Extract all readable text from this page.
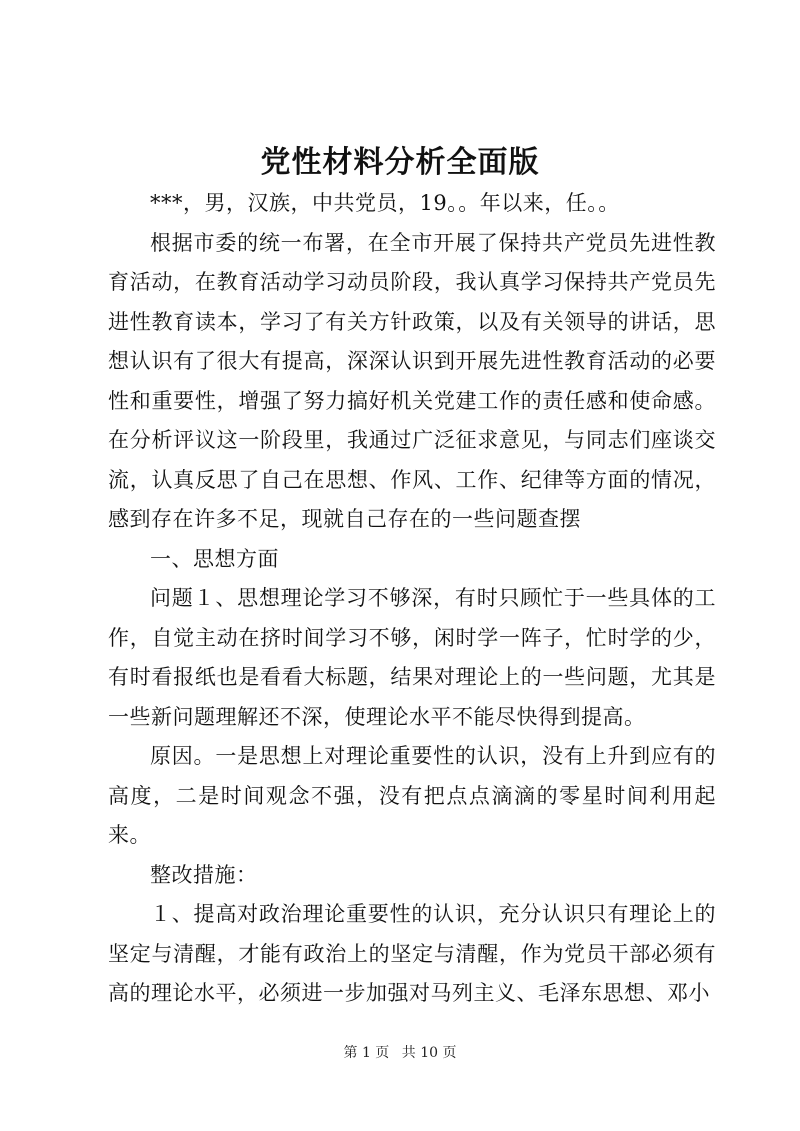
党性材料分析全面版

***，男，汉族，中共党员，19。。年以来，任。。

根据市委的统一布署，在全市开展了保持共产党员先进性教育活动，在教育活动学习动员阶段，我认真学习保持共产党员先进性教育读本，学习了有关方针政策，以及有关领导的讲话，思想认识有了很大有提高，深深认识到开展先进性教育活动的必要性和重要性，增强了努力搞好机关党建工作的责任感和使命感。在分析评议这一阶段里，我通过广泛征求意见，与同志们座谈交流，认真反思了自己在思想、作风、工作、纪律等方面的情况，感到存在许多不足，现就自己存在的一些问题查摆

一、思想方面

问题１、思想理论学习不够深，有时只顾忙于一些具体的工作，自觉主动在挤时间学习不够，闲时学一阵子，忙时学的少，有时看报纸也是看看大标题，结果对理论上的一些问题，尤其是一些新问题理解还不深，使理论水平不能尽快得到提高。

原因。一是思想上对理论重要性的认识，没有上升到应有的高度，二是时间观念不强，没有把点点滴滴的零星时间利用起来。

整改措施：

１、提高对政治理论重要性的认识，充分认识只有理论上的坚定与清醒，才能有政治上的坚定与清醒，作为党员干部必须有高的理论水平，必须进一步加强对马列主义、毛泽东思想、邓小

第 1 页 共 10 页
